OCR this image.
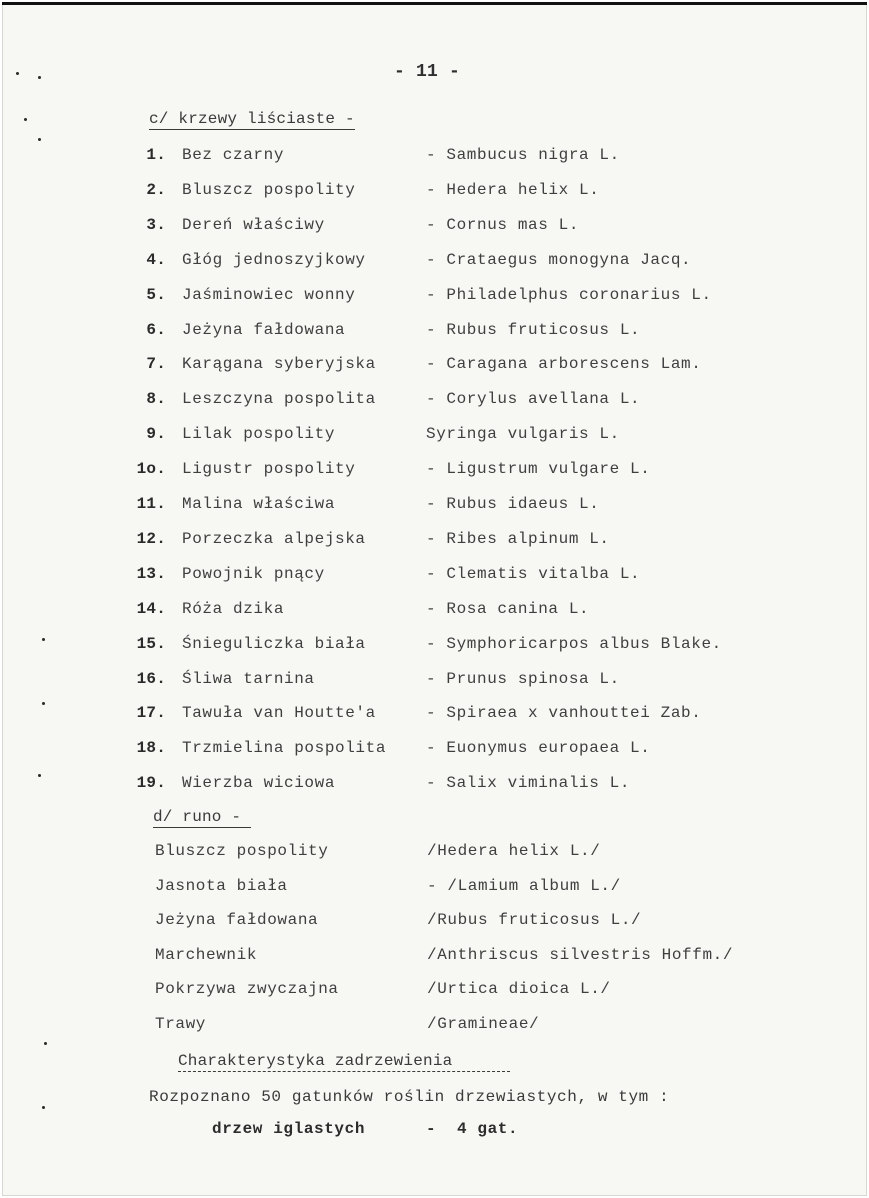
- 11 -
c/ krzewy liściaste -
1. Bez czarny	- Sambucus nigra L.
2. Bluszcz pospolity	- Hedera helix L.
3. Dereń właściwy	- Cornus mas L.
4. Głóg jednoszyjkowy	- Crataegus monogyna Jacq.
5. Jaśminowiec wonny	- Philadelphus coronarius L.
6. Jeżyna fałdowana	- Rubus fruticosus L.
7. Karągana syberyjska	- Caragana arborescens Lam.
8. Leszczyna pospolita	- Corylus avellana L.
9. Lilak pospolity	Syringa vulgaris L.
1o. Ligustr pospolity	- Ligustrum vulgare L.
11. Malina właściwa	- Rubus idaeus L.
12. Porzeczka alpejska	- Ribes alpinum L.
13. Powojnik pnący	- Clematis vitalba L.
14. Róża dzika	- Rosa canina L.
15. Śnieguliczka biała	- Symphoricarpos albus Blake.
16. Śliwa tarnina	- Prunus spinosa L.
17. Tawuła van Houtte'a	- Spiraea x vanhouttei Zab.
18. Trzmielina pospolita - Euonymus europaea L.
19. Wierzba wiciowa	- Salix viminalis L.
d/ runo -
Bluszcz pospolity	/Hedera helix L./
Jasnota biała	- /Lamium album L./
Jeżyna fałdowana	/Rubus fruticosus L./
Marchewnik	/Anthriscus silvestris Hoffm./
Pokrzywa zwyczajna	/Urtica dioica L./
Trawy	/Gramineae/
Charakterystyka zadrzewienia
Rozpoznano 50 gatunków roślin drzewiastych, w tym :
drzew iglastych	- 4 gat.
